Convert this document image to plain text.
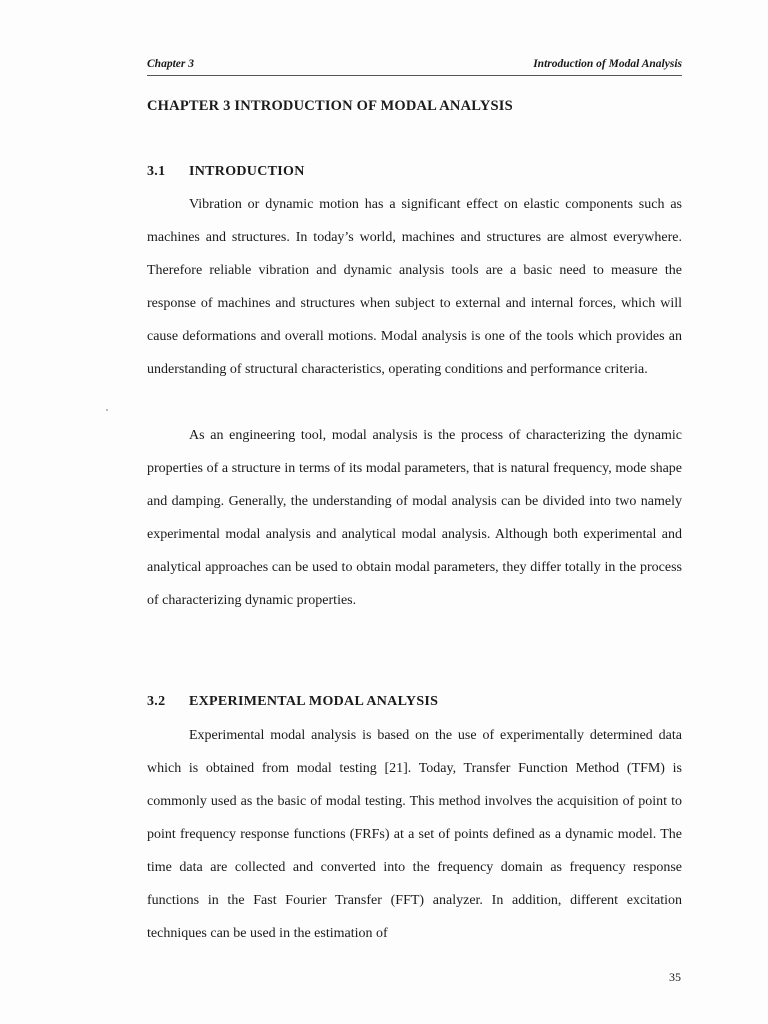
Chapter 3	Introduction of Modal Analysis
CHAPTER 3 INTRODUCTION OF MODAL ANALYSIS
3.1 INTRODUCTION

Vibration or dynamic motion has a significant effect on elastic components such as machines and structures. In today’s world, machines and structures are almost everywhere. Therefore reliable vibration and dynamic analysis tools are a basic need to measure the response of machines and structures when subject to external and internal forces, which will cause deformations and overall motions. Modal analysis is one of the tools which provides an understanding of structural characteristics, operating conditions and performance criteria.

As an engineering tool, modal analysis is the process of characterizing the dynamic properties of a structure in terms of its modal parameters, that is natural frequency, mode shape and damping. Generally, the understanding of modal analysis can be divided into two namely experimental modal analysis and analytical modal analysis. Although both experimental and analytical approaches can be used to obtain modal parameters, they differ totally in the process of characterizing dynamic properties.

3.2 EXPERIMENTAL MODAL ANALYSIS

Experimental modal analysis is based on the use of experimentally determined data which is obtained from modal testing [21]. Today, Transfer Function Method (TFM) is commonly used as the basic of modal testing. This method involves the acquisition of point to point frequency response functions (FRFs) at a set of points defined as a dynamic model. The time data are collected and converted into the frequency domain as frequency response functions in the Fast Fourier Transfer (FFT) analyzer. In addition, different excitation techniques can be used in the estimation of

35
